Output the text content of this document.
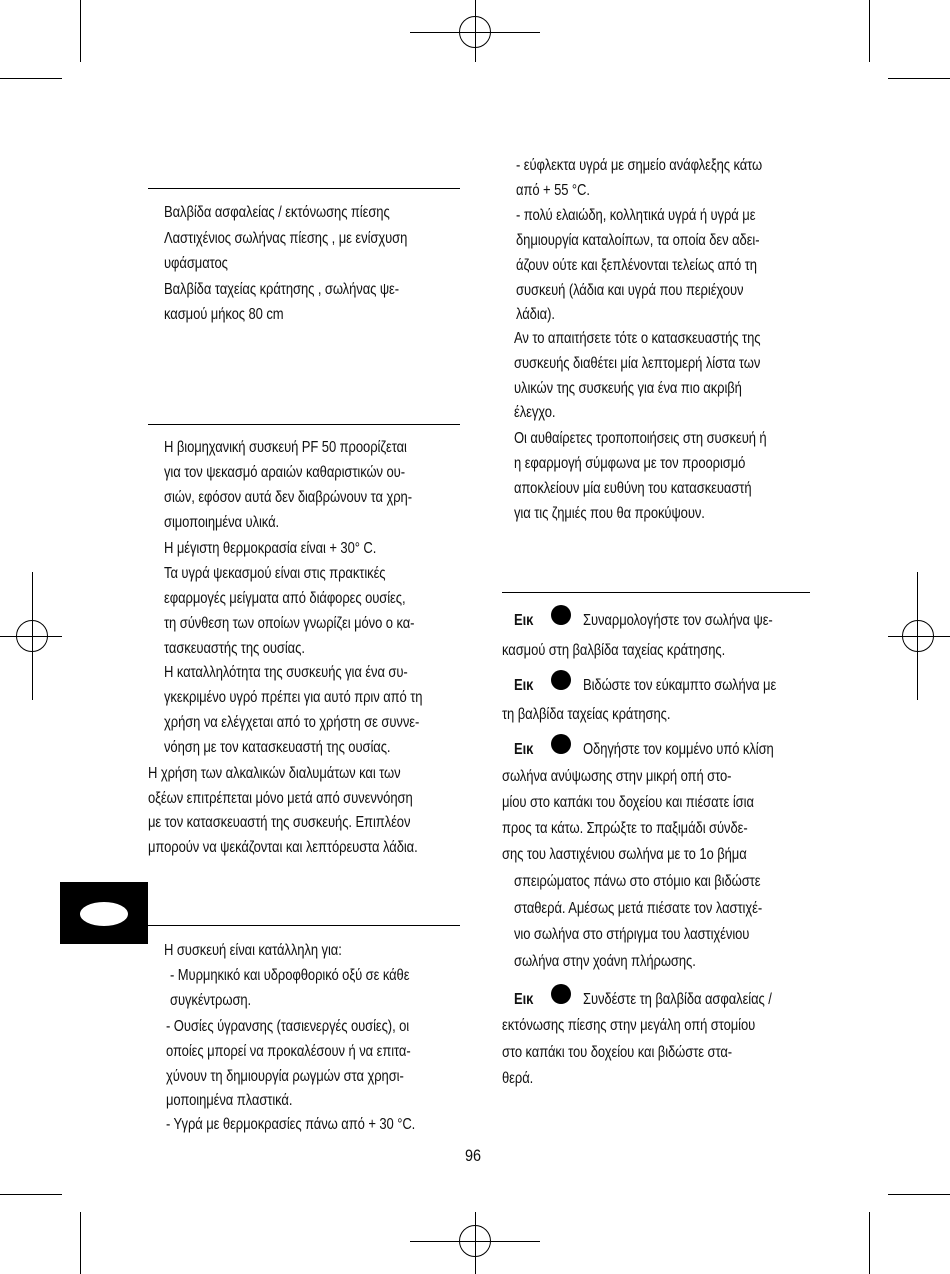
Βαλβίδα ασφαλείας / εκτόνωσης πίεσης
Λαστιχένιος σωλήνας πίεσης , με ενίσχυση
υφάσματος
Βαλβίδα ταχείας κράτησης , σωλήνας ψε-
κασμού μήκος 80 cm
Η βιομηχανική συσκευή PF 50 προορίζεται
για τον ψεκασμό αραιών καθαριστικών ου-
σιών, εφόσον αυτά δεν διαβρώνουν τα χρη-
σιμοποιημένα υλικά.
Η μέγιστη θερμοκρασία είναι + 30° C.
Τα υγρά ψεκασμού είναι στις πρακτικές
εφαρμογές μείγματα από διάφορες ουσίες,
τη σύνθεση των οποίων γνωρίζει μόνο ο κα-
τασκευαστής της ουσίας.
Η καταλληλότητα της συσκευής για ένα συ-
γκεκριμένο υγρό πρέπει για αυτό πριν από τη
χρήση να ελέγχεται από το χρήστη σε συννε-
νόηση με τον κατασκευαστή της ουσίας.
Η χρήση των αλκαλικών διαλυμάτων και των
οξέων επιτρέπεται μόνο μετά από συνεννόηση
με τον κατασκευαστή της συσκευής. Επιπλέον
μπορούν να ψεκάζονται και λεπτόρευστα λάδια.
Η συσκευή είναι κατάλληλη για:
- Μυρμηκικό και υδροφθορικό οξύ σε κάθε
συγκέντρωση.
- Ουσίες ύγρανσης (τασιενεργές ουσίες), οι
οποίες μπορεί να προκαλέσουν ή να επιτα-
χύνουν τη δημιουργία ρωγμών στα χρησι-
μοποιημένα πλαστικά.
- Υγρά με θερμοκρασίες πάνω από + 30 °C.
- εύφλεκτα υγρά με σημείο ανάφλεξης κάτω
από + 55 °C.
- πολύ ελαιώδη, κολλητικά υγρά ή υγρά με
δημιουργία καταλοίπων, τα οποία δεν αδει-
άζουν ούτε και ξεπλένονται τελείως από τη
συσκευή (λάδια και υγρά που περιέχουν
λάδια).
Αν το απαιτήσετε τότε ο κατασκευαστής της
συσκευής διαθέτει μία λεπτομερή λίστα των
υλικών της συσκευής για ένα πιο ακριβή
έλεγχο.
Οι αυθαίρετες τροποποιήσεις στη συσκευή ή
η εφαρμογή σύμφωνα με τον προορισμό
αποκλείουν μία ευθύνη του κατασκευαστή
για τις ζημιές που θα προκύψουν.
Εικ	Συναρμολογήστε τον σωλήνα ψε-
κασμού στη βαλβίδα ταχείας κράτησης.
Εικ	Βιδώστε τον εύκαμπτο σωλήνα με
τη βαλβίδα ταχείας κράτησης.
Εικ	Οδηγήστε τον κομμένο υπό κλίση
σωλήνα ανύψωσης στην μικρή οπή στο-
μίου στο καπάκι του δοχείου και πιέσατε ίσια
προς τα κάτω. Σπρώξτε το παξιμάδι σύνδε-
σης του λαστιχένιου σωλήνα με το 1ο βήμα
σπειρώματος πάνω στο στόμιο και βιδώστε
σταθερά. Αμέσως μετά πιέσατε τον λαστιχέ-
νιο σωλήνα στο στήριγμα του λαστιχένιου
σωλήνα στην χοάνη πλήρωσης.
Εικ	Συνδέστε τη βαλβίδα ασφαλείας /
εκτόνωσης πίεσης στην μεγάλη οπή στομίου
στο καπάκι του δοχείου και βιδώστε στα-
θερά.
96
